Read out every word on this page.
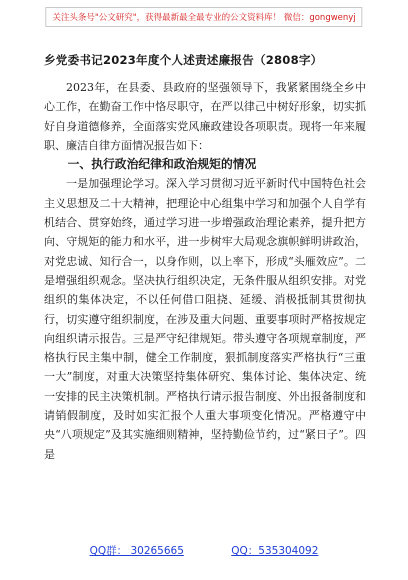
关注头条号"公文研究"，获得最新最全最专业的公文资料库！ 微信：gongwenyj
乡党委书记2023年度个人述责述廉报告（2808字）

2023年，在县委、县政府的坚强领导下，我紧紧围绕全乡中心工作，在勤奋工作中恪尽职守，在严以律己中树好形象，切实抓好自身道德修养，全面落实党风廉政建设各项职责。现将一年来履职、廉洁自律方面情况报告如下：

一、执行政治纪律和政治规矩的情况

一是加强理论学习。深入学习贯彻习近平新时代中国特色社会主义思想及二十大精神，把理论中心组集中学习和加强个人自学有机结合、贯穿始终，通过学习进一步增强政治理论素养，提升把方向、守规矩的能力和水平，进一步树牢大局观念旗帜鲜明讲政治，对党忠诚、知行合一，以身作则，以上率下，形成“头雁效应”。二是增强组织观念。坚决执行组织决定，无条件服从组织安排。对党组织的集体决定，不以任何借口阻挠、延缓、消极抵制其贯彻执行，切实遵守组织制度，在涉及重大问题、重要事项时严格按规定向组织请示报告。三是严守纪律规矩。带头遵守各项规章制度，严格执行民主集中制，健全工作制度，狠抓制度落实严格执行“三重一大”制度，对重大决策坚持集体研究、集体讨论、集体决定、统一安排的民主决策机制。严格执行请示报告制度、外出报备制度和请销假制度，及时如实汇报个人重大事项变化情况。严格遵守中央“八项规定”及其实施细则精神，坚持勤俭节约，过“紧日子”。四是

QQ群： 30265665	QQ：535304092
